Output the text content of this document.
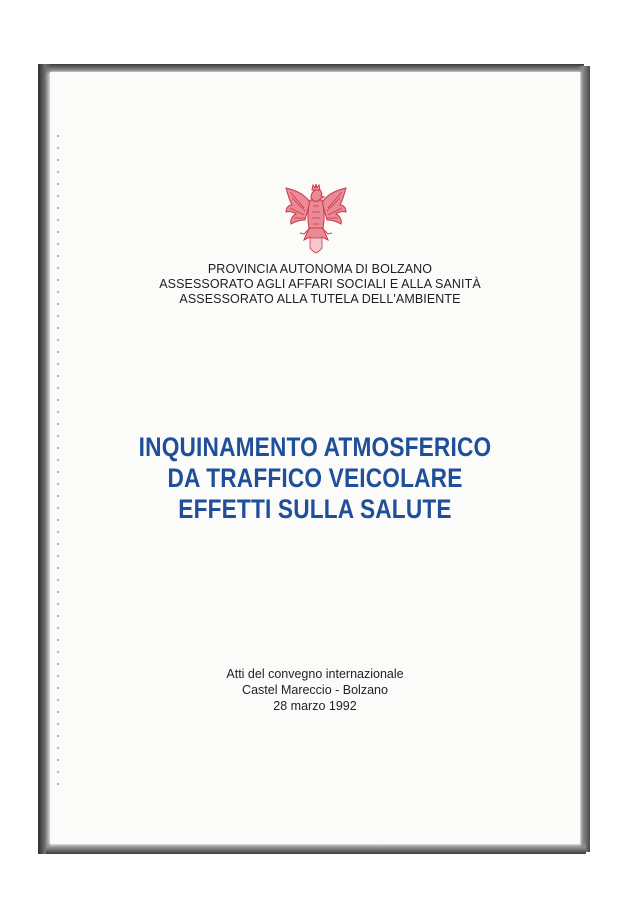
PROVINCIA AUTONOMA DI BOLZANO
ASSESSORATO AGLI AFFARI SOCIALI E ALLA SANITÀ
ASSESSORATO ALLA TUTELA DELL'AMBIENTE
INQUINAMENTO ATMOSFERICO
DA TRAFFICO VEICOLARE
EFFETTI SULLA SALUTE
Atti del convegno internazionale
Castel Mareccio - Bolzano
28 marzo 1992
